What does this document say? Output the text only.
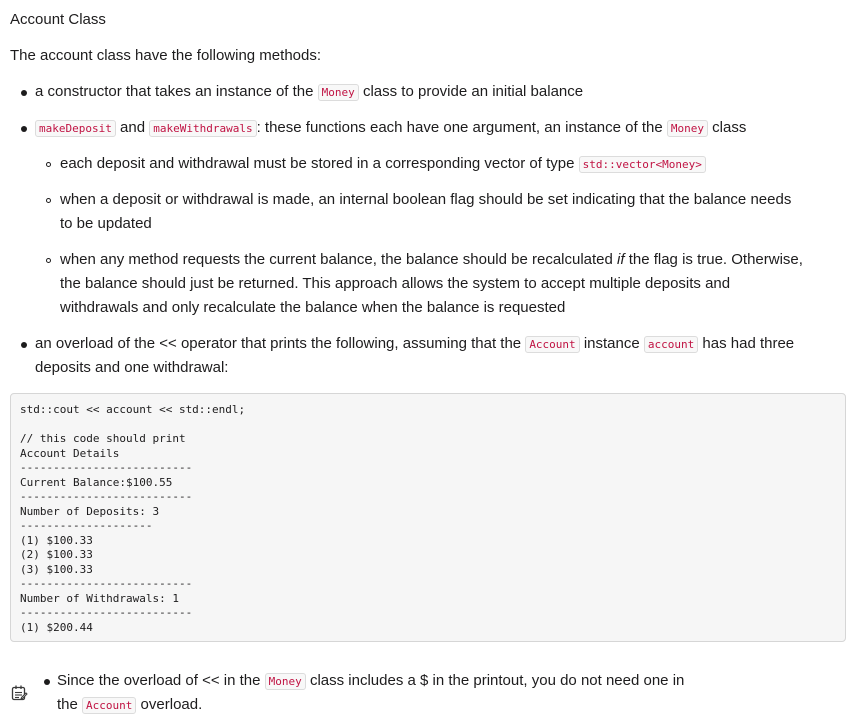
Account Class

The account class have the following methods:

a constructor that takes an instance of the Money class to provide an initial balance

makeDeposit and makeWithdrawals : these functions each have one argument, an instance of the Money class

each deposit and withdrawal must be stored in a corresponding vector of type std::vector<Money>

when a deposit or withdrawal is made, an internal boolean flag should be set indicating that the balance needs

to be updated

when any method requests the current balance, the balance should be recalculated if the flag is true. Otherwise,

the balance should just be returned. This approach allows the system to accept multiple deposits and

withdrawals and only recalculate the balance when the balance is requested

an overload of the << operator that prints the following, assuming that the Account instance account has had three

deposits and one withdrawal:

std::cout << account << std::endl;

// this code should print
Account Details
--------------------------
Current Balance:$100.55
--------------------------
Number of Deposits: 3
--------------------
(1) $100.33
(2) $100.33
(3) $100.33
--------------------------
Number of Withdrawals: 1
--------------------------
(1) $200.44

Since the overload of << in the Money class includes a $ in the printout, you do not need one in

the Account overload.
